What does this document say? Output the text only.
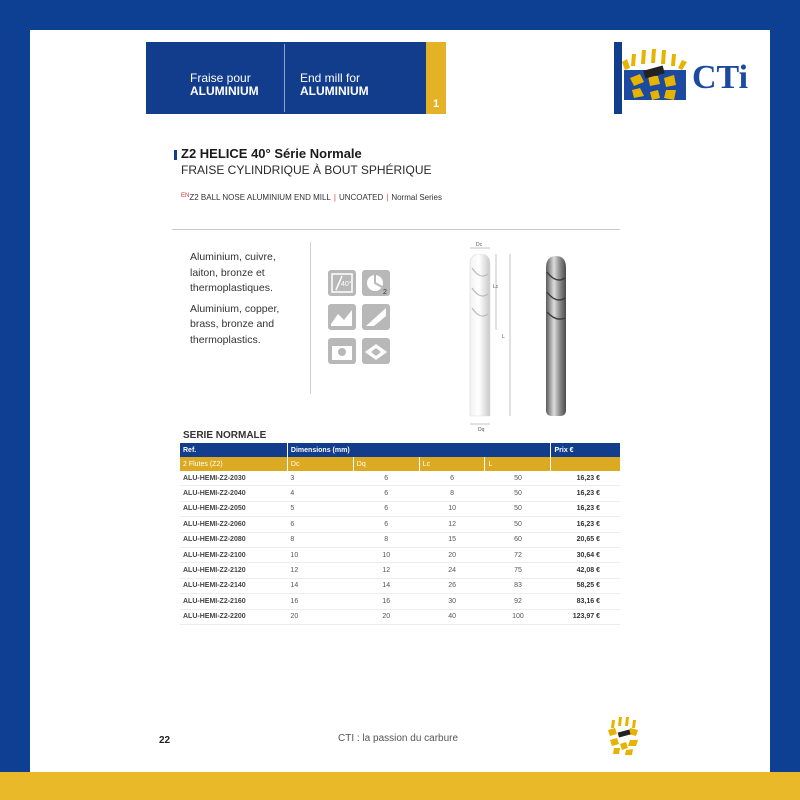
Fraise pour
ALUMINIUM
End mill for
ALUMINIUM
1
CTi
Z2 HELICE 40° Série Normale
FRAISE CYLINDRIQUE À BOUT SPHÉRIQUE
$^{EN}$Z2 BALL NOSE ALUMINIUM END MILL | UNCOATED | Normal Series

Aluminium, cuivre, laiton, bronze et thermoplastiques.

Aluminium, copper, brass, bronze and thermoplastics.

40°
2
Dc
Lc
L
Dq
SERIE NORMALE
Ref.	Dimensions (mm)				Prix €
2 Flutes (Z2)	Dc	Dq	Lc	L	
ALU-HEMI-Z2-2030	3	6	6	50	16,23 €
ALU-HEMI-Z2-2040	4	6	8	50	16,23 €
ALU-HEMI-Z2-2050	5	6	10	50	16,23 €
ALU-HEMI-Z2-2060	6	6	12	50	16,23 €
ALU-HEMI-Z2-2080	8	8	15	60	20,65 €
ALU-HEMI-Z2-2100	10	10	20	72	30,64 €
ALU-HEMI-Z2-2120	12	12	24	75	42,08 €
ALU-HEMI-Z2-2140	14	14	26	83	58,25 €
ALU-HEMI-Z2-2160	16	16	30	92	83,16 €
ALU-HEMI-Z2-2200	20	20	40	100	123,97 €
22	CTI : la passion du carbure
